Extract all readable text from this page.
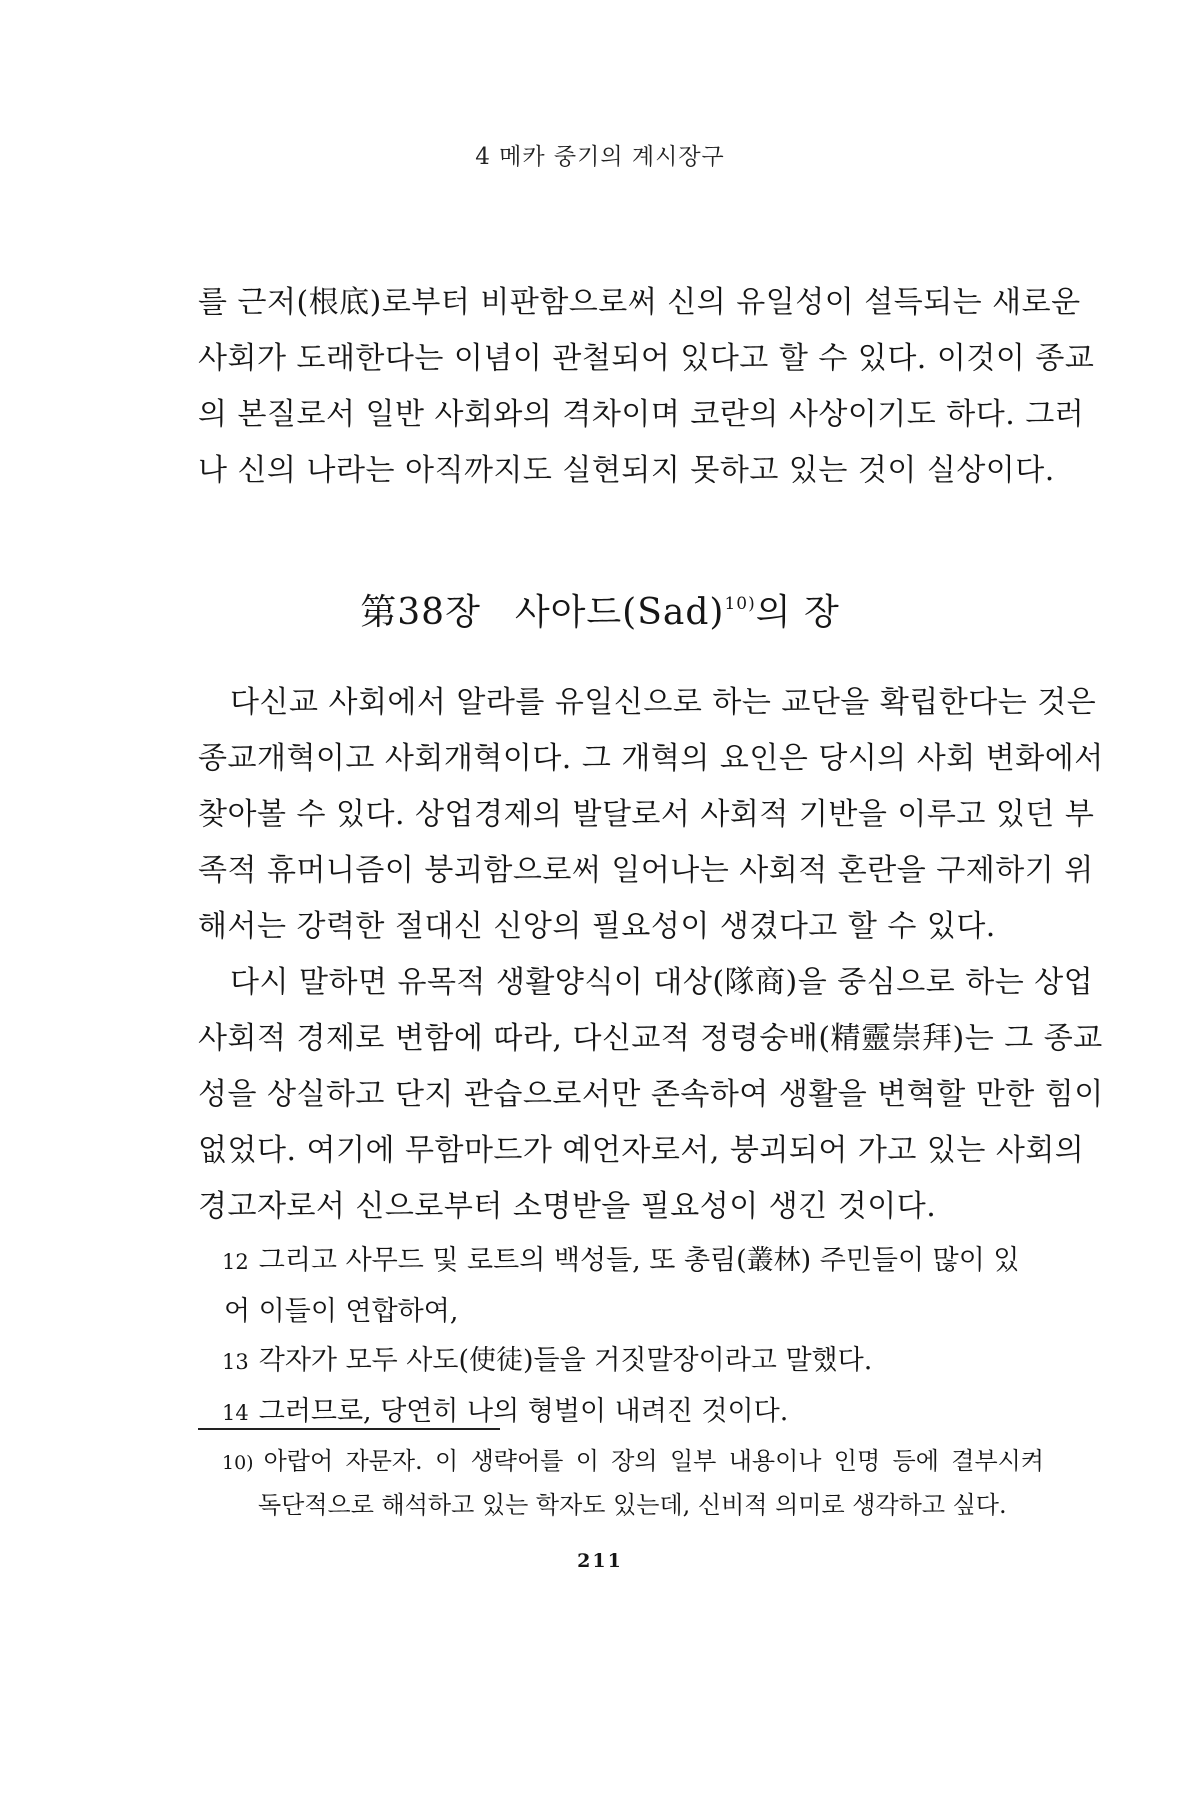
4 메카 중기의 계시장구
를 근저(根底)로부터 비판함으로써 신의 유일성이 설득되는 새로운
사회가 도래한다는 이념이 관철되어 있다고 할 수 있다. 이것이 종교
의 본질로서 일반 사회와의 격차이며 코란의 사상이기도 하다. 그러
나 신의 나라는 아직까지도 실현되지 못하고 있는 것이 실상이다.
第38장 사아드(Sad)$^{10)}$의 장
다신교 사회에서 알라를 유일신으로 하는 교단을 확립한다는 것은
종교개혁이고 사회개혁이다. 그 개혁의 요인은 당시의 사회 변화에서
찾아볼 수 있다. 상업경제의 발달로서 사회적 기반을 이루고 있던 부
족적 휴머니즘이 붕괴함으로써 일어나는 사회적 혼란을 구제하기 위
해서는 강력한 절대신 신앙의 필요성이 생겼다고 할 수 있다.
다시 말하면 유목적 생활양식이 대상(隊商)을 중심으로 하는 상업
사회적 경제로 변함에 따라, 다신교적 정령숭배(精靈崇拜)는 그 종교
성을 상실하고 단지 관습으로서만 존속하여 생활을 변혁할 만한 힘이
없었다. 여기에 무함마드가 예언자로서, 붕괴되어 가고 있는 사회의
경고자로서 신으로부터 소명받을 필요성이 생긴 것이다.
12 그리고 사무드 및 로트의 백성들, 또 총림(叢林) 주민들이 많이 있
어 이들이 연합하여,
13 각자가 모두 사도(使徒)들을 거짓말장이라고 말했다.
14 그러므로, 당연히 나의 형벌이 내려진 것이다.
10) 아랍어 자문자. 이 생략어를 이 장의 일부 내용이나 인명 등에 결부시켜
독단적으로 해석하고 있는 학자도 있는데, 신비적 의미로 생각하고 싶다.
211
